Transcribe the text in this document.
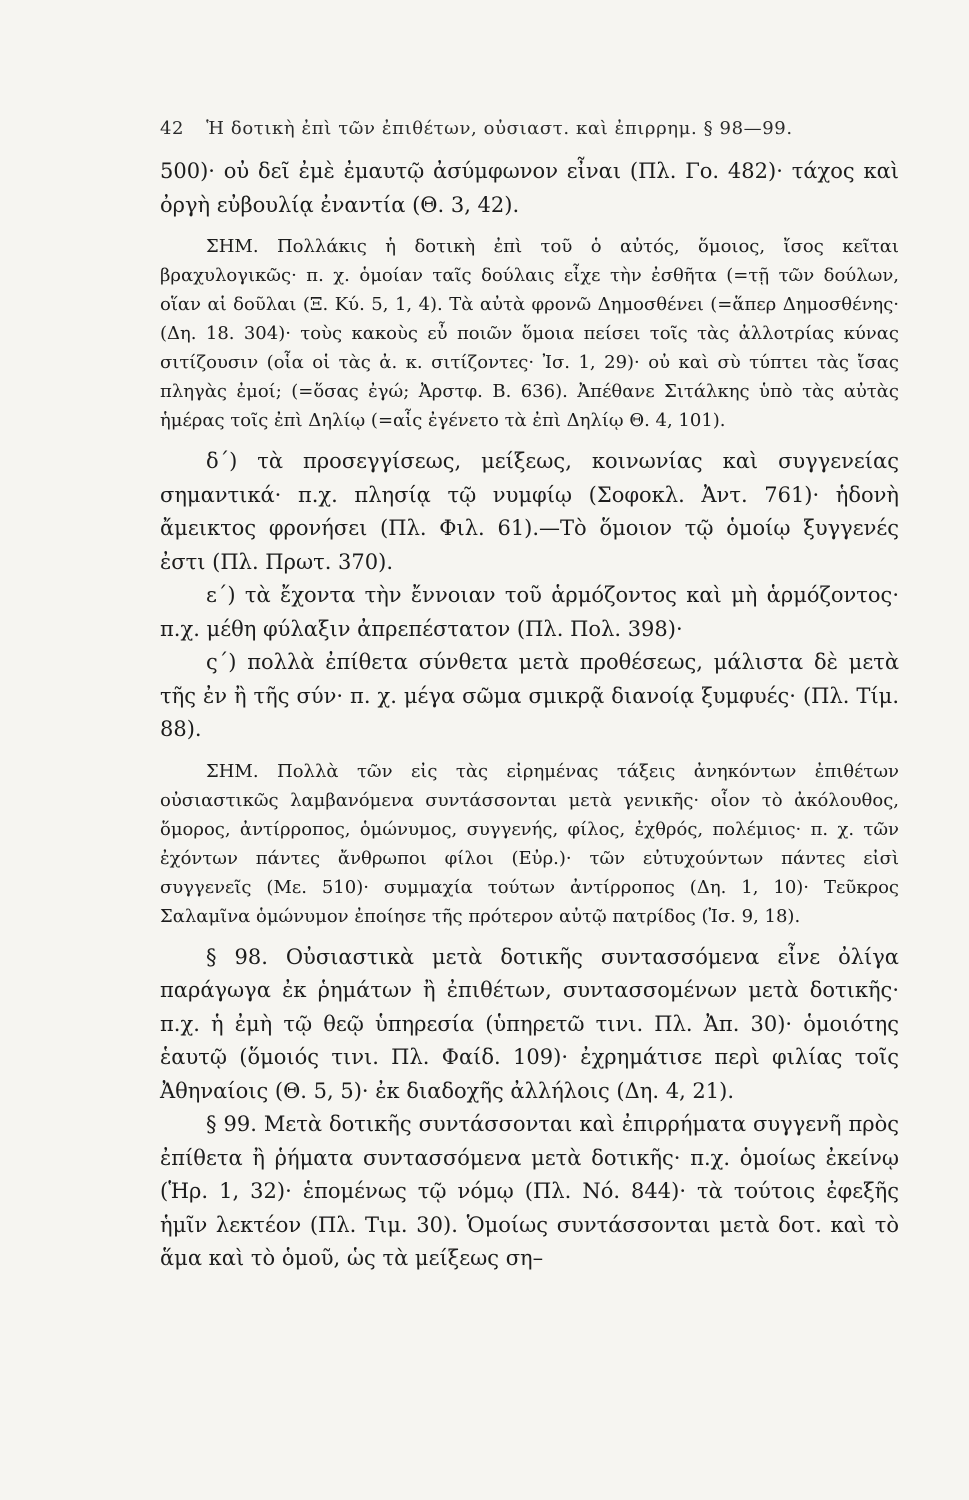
42 Ἡ δοτικὴ ἐπὶ τῶν ἐπιθέτων, οὐσιαστ. καὶ ἐπιρρημ. § 98—99.

500)· οὐ δεῖ ἐμὲ ἐμαυτῷ ἀσύμφωνον εἶναι (Πλ. Γο. 482)· τάχος καὶ ὀργὴ εὐβουλίᾳ ἐναντία (Θ. 3, 42).

ΣΗΜ. Πολλάκις ἡ δοτικὴ ἐπὶ τοῦ ὁ αὐτός, ὅμοιος, ἴσος κεῖται βραχυλογικῶς· π. χ. ὁμοίαν ταῖς δούλαις εἶχε τὴν ἐσθῆτα (=τῇ τῶν δούλων, οἵαν αἱ δοῦλαι (Ξ. Κύ. 5, 1, 4). Τὰ αὐτὰ φρονῶ Δημοσθένει (=ἅπερ Δημοσθένης· (Δη. 18. 304)· τοὺς κακοὺς εὖ ποιῶν ὅμοια πείσει τοῖς τὰς ἀλλοτρίας κύνας σιτίζουσιν (οἷα οἱ τὰς ἀ. κ. σιτίζοντες· Ἰσ. 1, 29)· οὐ καὶ σὺ τύπτει τὰς ἴσας πληγὰς ἐμοί; (=ὅσας ἐγώ; Ἀρστφ. Β. 636). Ἀπέθανε Σιτάλκης ὑπὸ τὰς αὐτὰς ἡμέρας τοῖς ἐπὶ Δηλίῳ (=αἷς ἐγένετο τὰ ἐπὶ Δηλίῳ Θ. 4, 101).

δ΄) τὰ προσεγγίσεως, μείξεως, κοινωνίας καὶ συγγενείας σημαντικά· π.χ. πλησίᾳ τῷ νυμφίῳ (Σοφοκλ. Ἀντ. 761)· ἡδονὴ ἄμεικτος φρονήσει (Πλ. Φιλ. 61).—Τὸ ὅμοιον τῷ ὁμοίῳ ξυγγενές ἐστι (Πλ. Πρωτ. 370).

ε΄) τὰ ἔχοντα τὴν ἔννοιαν τοῦ ἁρμόζοντος καὶ μὴ ἁρμόζοντος· π.χ. μέθη φύλαξιν ἀπρεπέστατον (Πλ. Πολ. 398)·

ς΄) πολλὰ ἐπίθετα σύνθετα μετὰ προθέσεως, μάλιστα δὲ μετὰ τῆς ἐν ἢ τῆς σύν· π. χ. μέγα σῶμα σμικρᾷ διανοίᾳ ξυμφυές· (Πλ. Τίμ. 88).

ΣΗΜ. Πολλὰ τῶν εἰς τὰς εἰρημένας τάξεις ἀνηκόντων ἐπιθέτων οὐσιαστικῶς λαμβανόμενα συντάσσονται μετὰ γενικῆς· οἷον τὸ ἀκόλουθος, ὅμορος, ἀντίρροπος, ὁμώνυμος, συγγενής, φίλος, ἐχθρός, πολέμιος· π. χ. τῶν ἐχόντων πάντες ἄνθρωποι φίλοι (Εὐρ.)· τῶν εὐτυχούντων πάντες εἰσὶ συγγενεῖς (Με. 510)· συμμαχία τούτων ἀντίρροπος (Δη. 1, 10)· Τεῦκρος Σαλαμῖνα ὁμώνυμον ἐποίησε τῆς πρότερον αὐτῷ πατρίδος (Ἰσ. 9, 18).

§ 98. Οὐσιαστικὰ μετὰ δοτικῆς συντασσόμενα εἶνε ὀλίγα παράγωγα ἐκ ῥημάτων ἢ ἐπιθέτων, συντασσομένων μετὰ δοτικῆς· π.χ. ἡ ἐμὴ τῷ θεῷ ὑπηρεσία (ὑπηρετῶ τινι. Πλ. Ἀπ. 30)· ὁμοιότης ἑαυτῷ (ὅμοιός τινι. Πλ. Φαίδ. 109)· ἐχρημάτισε περὶ φιλίας τοῖς Ἀθηναίοις (Θ. 5, 5)· ἐκ διαδοχῆς ἀλλήλοις (Δη. 4, 21).

§ 99. Μετὰ δοτικῆς συντάσσονται καὶ ἐπιρρήματα συγγενῆ πρὸς ἐπίθετα ἢ ῥήματα συντασσόμενα μετὰ δοτικῆς· π.χ. ὁμοίως ἐκείνῳ (Ἡρ. 1, 32)· ἑπομένως τῷ νόμῳ (Πλ. Νό. 844)· τὰ τούτοις ἐφεξῆς ἡμῖν λεκτέον (Πλ. Τιμ. 30). Ὁμοίως συντάσσονται μετὰ δοτ. καὶ τὸ ἅμα καὶ τὸ ὁμοῦ, ὡς τὰ μείξεως ση–
